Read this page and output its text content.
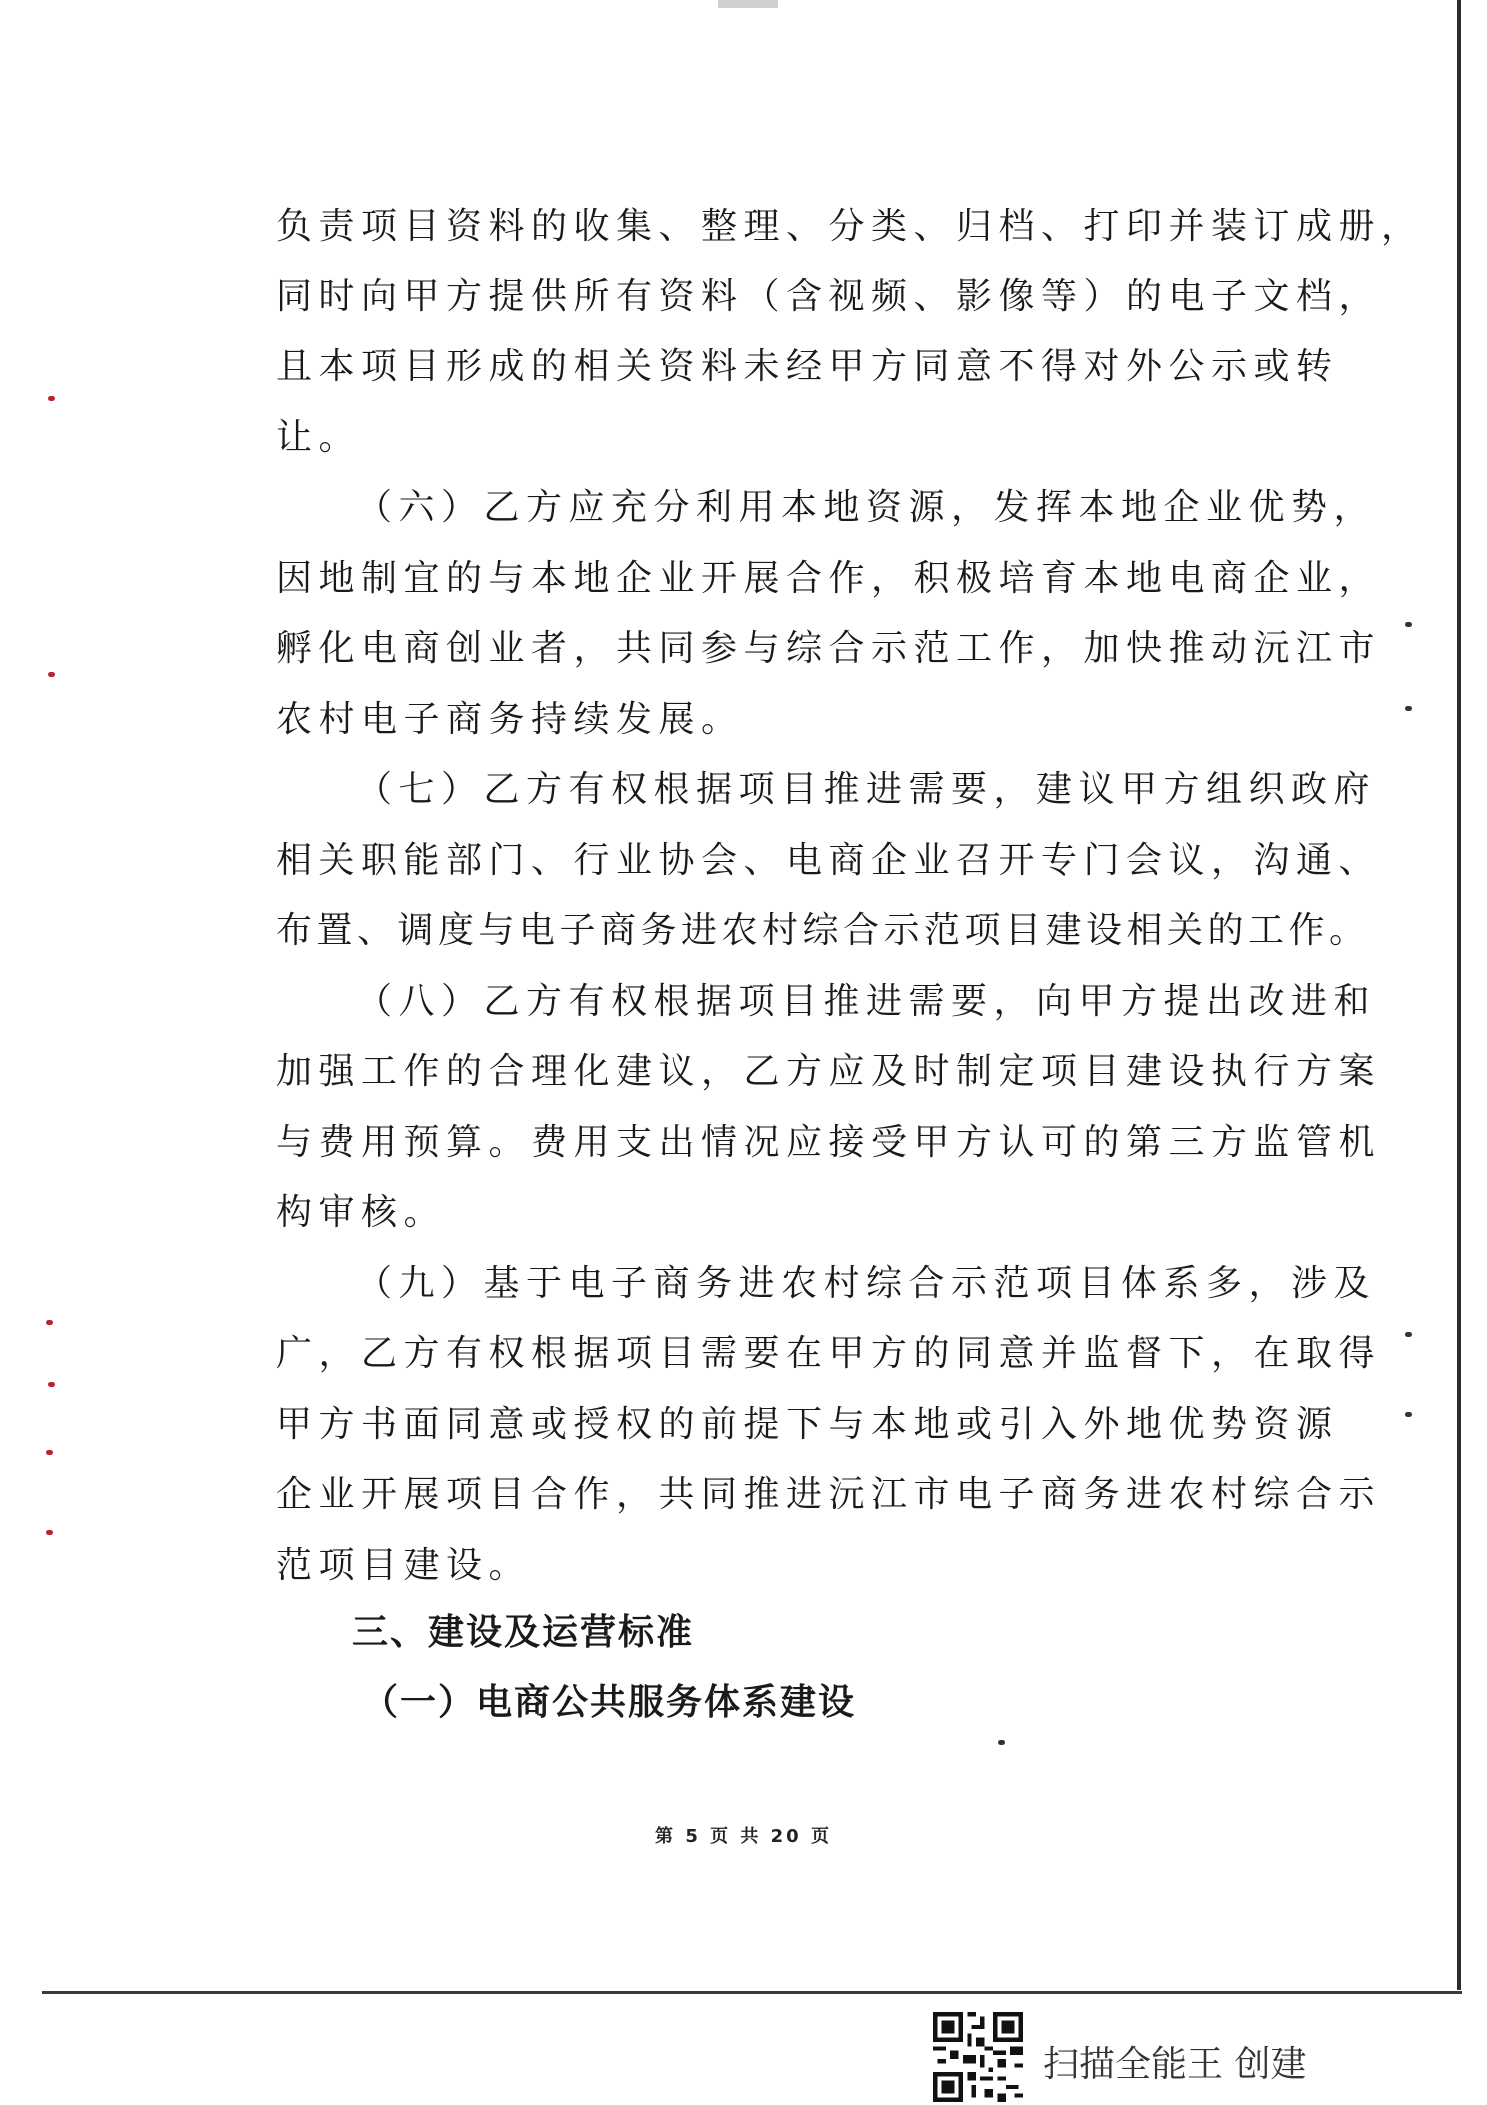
负责项目资料的收集、整理、分类、归档、打印并装订成册，
同时向甲方提供所有资料（含视频、影像等）的电子文档，
且本项目形成的相关资料未经甲方同意不得对外公示或转
让。
（六）乙方应充分利用本地资源，发挥本地企业优势，
因地制宜的与本地企业开展合作，积极培育本地电商企业，
孵化电商创业者，共同参与综合示范工作，加快推动沅江市
农村电子商务持续发展。
（七）乙方有权根据项目推进需要，建议甲方组织政府
相关职能部门、行业协会、电商企业召开专门会议，沟通、
布置、调度与电子商务进农村综合示范项目建设相关的工作。
（八）乙方有权根据项目推进需要，向甲方提出改进和
加强工作的合理化建议，乙方应及时制定项目建设执行方案
与费用预算。费用支出情况应接受甲方认可的第三方监管机
构审核。
（九）基于电子商务进农村综合示范项目体系多，涉及
广，乙方有权根据项目需要在甲方的同意并监督下，在取得
甲方书面同意或授权的前提下与本地或引入外地优势资源
企业开展项目合作，共同推进沅江市电子商务进农村综合示
范项目建设。
三、建设及运营标准
（一）电商公共服务体系建设
第 5 页 共 20 页
扫描全能王 创建
